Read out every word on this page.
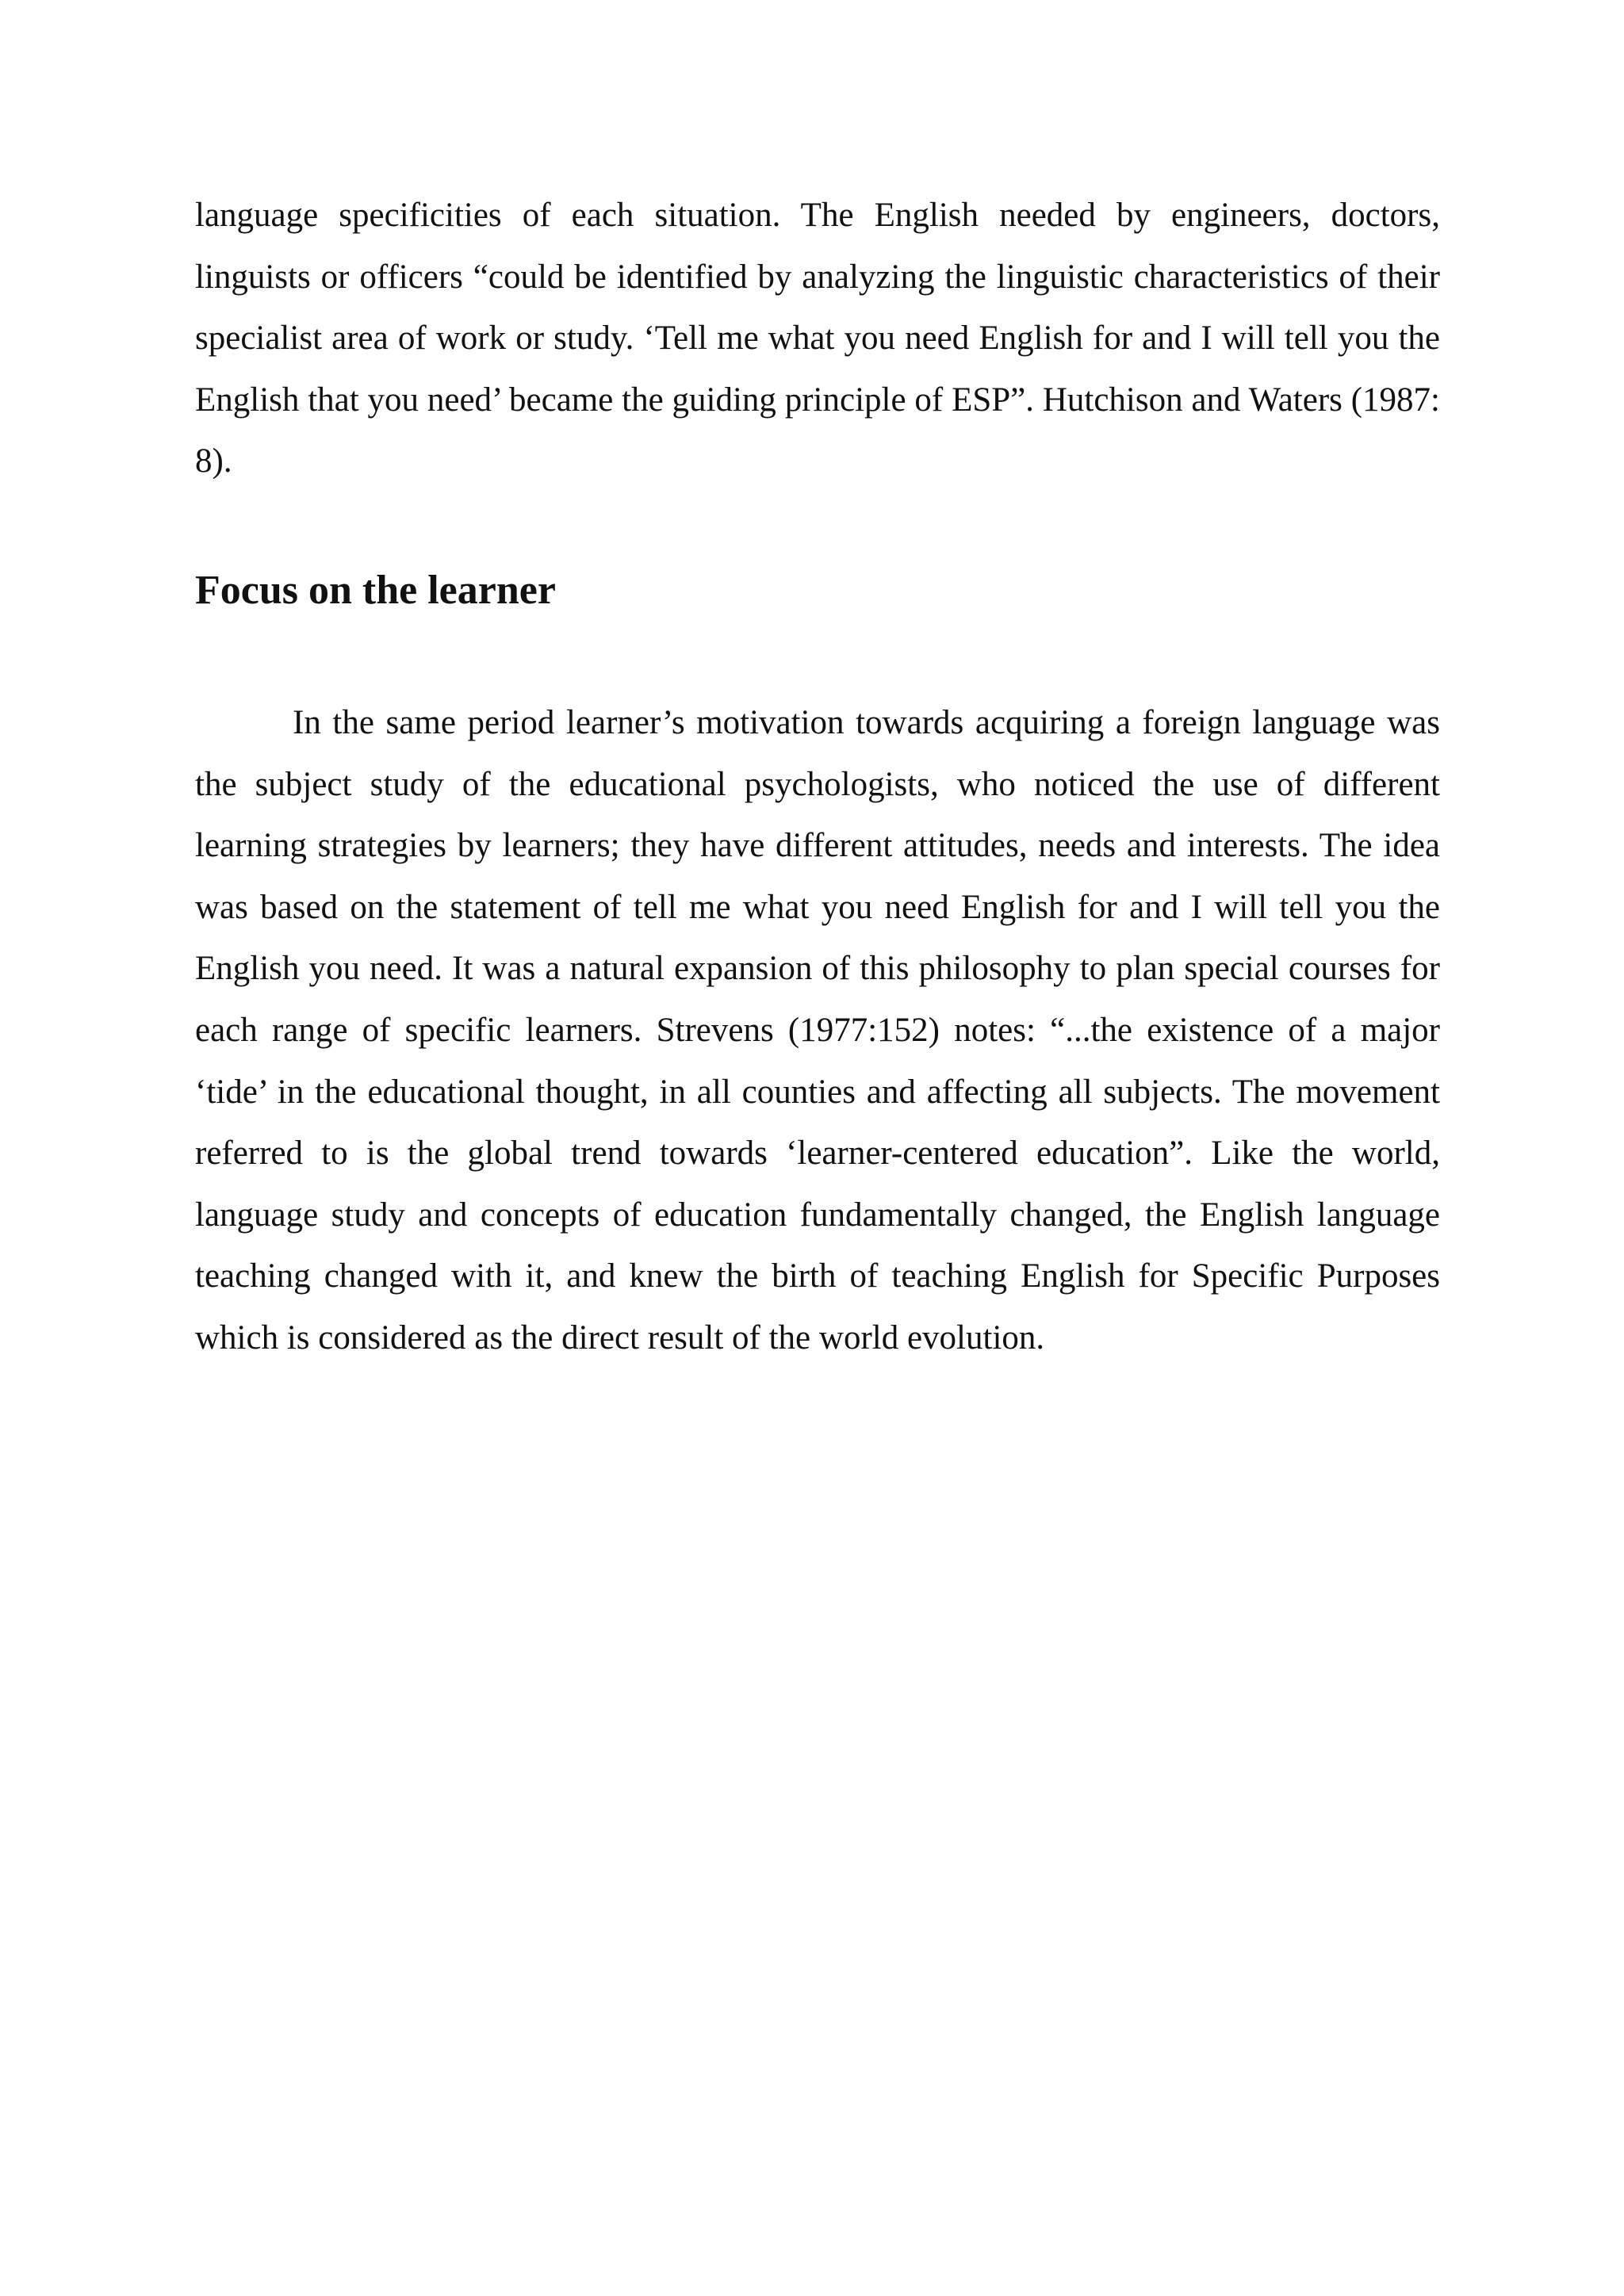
language specificities of each situation. The English needed by engineers, doctors, linguists or officers “could be identified by analyzing the linguistic characteristics of their specialist area of work or study. ‘Tell me what you need English for and I will tell you the English that you need’ became the guiding principle of ESP”. Hutchison and Waters (1987: 8).

Focus on the learner

In the same period learner’s motivation towards acquiring a foreign language was the subject study of the educational psychologists, who noticed the use of different learning strategies by learners; they have different attitudes, needs and interests. The idea was based on the statement of tell me what you need English for and I will tell you the English you need. It was a natural expansion of this philosophy to plan special courses for each range of specific learners. Strevens (1977:152) notes: “...the existence of a major ‘tide’ in the educational thought, in all counties and affecting all subjects. The movement referred to is the global trend towards ‘learner-centered education”. Like the world, language study and concepts of education fundamentally changed, the English language teaching changed with it, and knew the birth of teaching English for Specific Purposes which is considered as the direct result of the world evolution.
